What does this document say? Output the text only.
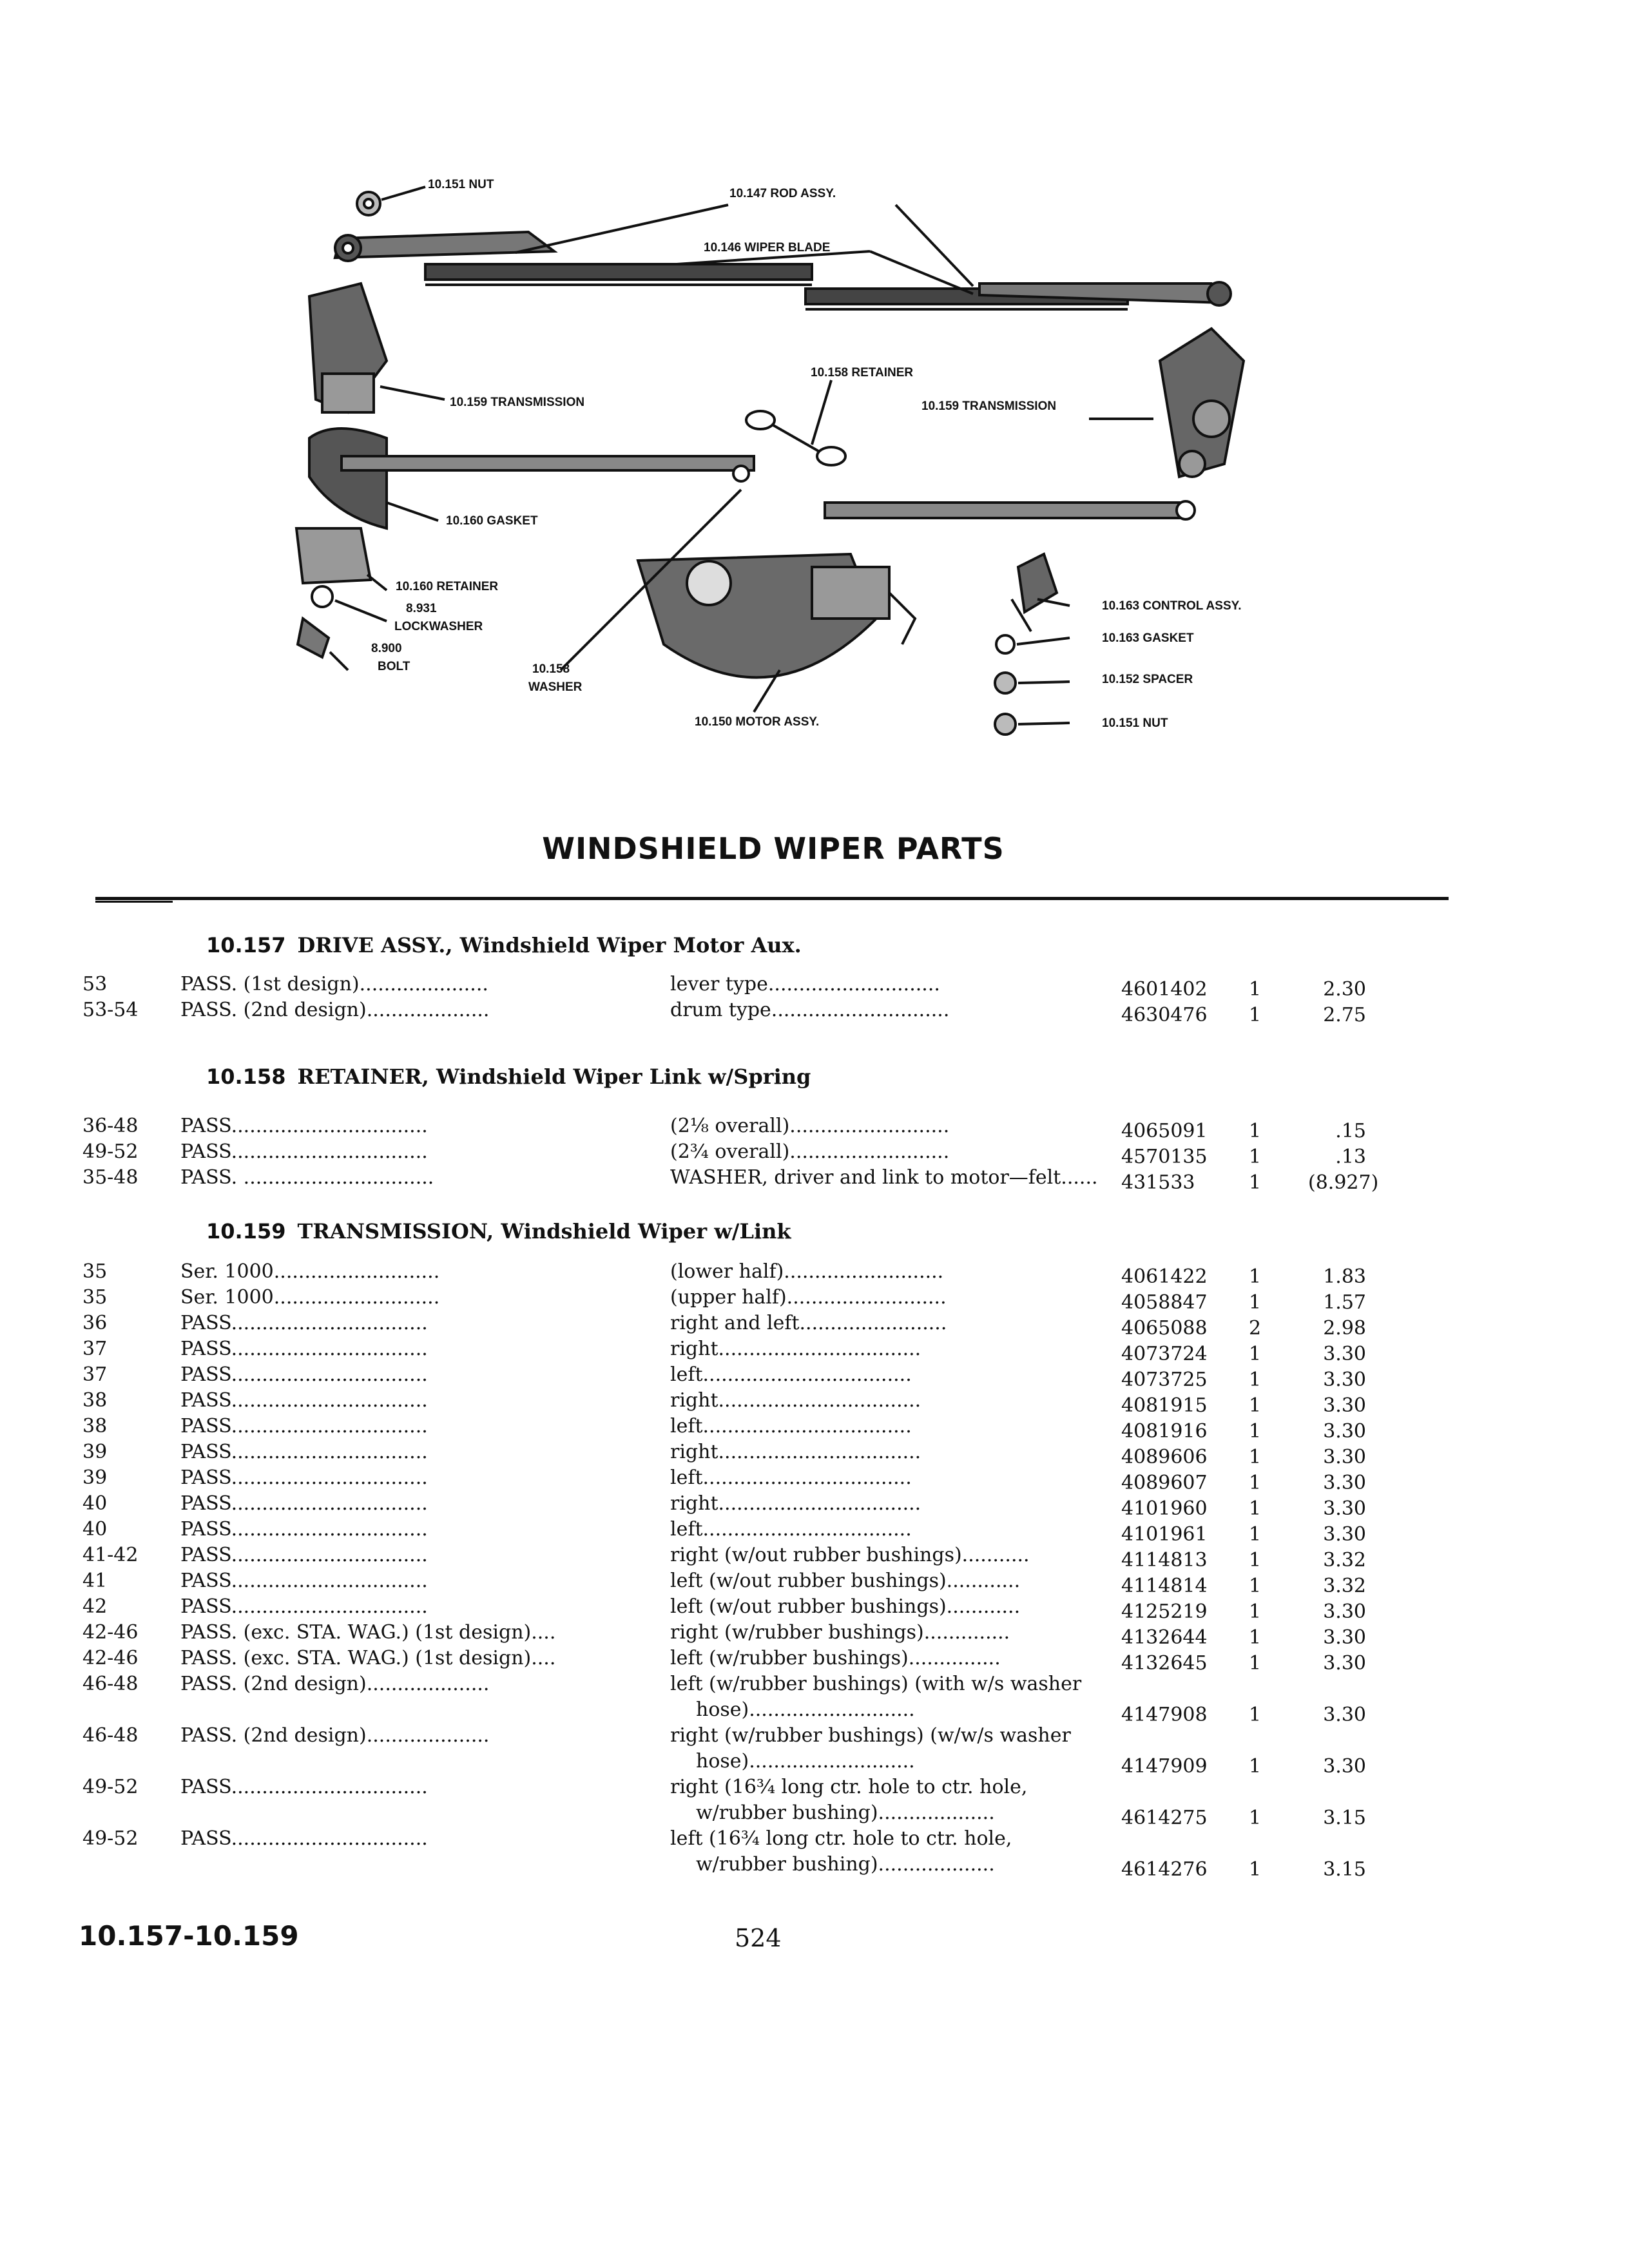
10.151 NUT
10.147 ROD ASSY.
10.146 WIPER BLADE
10.159 TRANSMISSION
10.158 RETAINER
10.159 TRANSMISSION
10.160 GASKET
10.160 RETAINER
8.931
LOCKWASHER
8.900
BOLT	10.158
WASHER
10.150 MOTOR ASSY.
10.163 CONTROL ASSY.
10.163 GASKET
10.152 SPACER
10.151 NUT
WINDSHIELD WIPER PARTS
10.157 DRIVE ASSY., Windshield Wiper Motor Aux.
10.158 RETAINER, Windshield Wiper Link w/Spring
10.159 TRANSMISSION, Windshield Wiper w/Link
53	PASS. (1st design).....................	lever type............................	4601402 1	2.30
53-54 PASS. (2nd design)....................	drum type.............................	4630476 1	2.75
36-48 PASS................................	(2⅛ overall)..........................	4065091 1	.15
49-52 PASS................................	(2¾ overall)..........................	4570135 1	.13
35-48 PASS. ...............................	WASHER, driver and link to motor—felt...... 431533	1 (8.927)
35	Ser. 1000...........................	(lower half)..........................	4061422 1	1.83
35	Ser. 1000...........................	(upper half)..........................	4058847 1	1.57
36	PASS................................	right and left........................	4065088 2	2.98
37	PASS................................	right.................................	4073724 1	3.30
37	PASS................................	left..................................	4073725 1	3.30
38	PASS................................	right.................................	4081915 1	3.30
38	PASS................................	left..................................	4081916 1	3.30
39	PASS................................	right.................................	4089606 1	3.30
39	PASS................................	left..................................	4089607 1	3.30
40	PASS................................	right.................................	4101960 1	3.30
40	PASS................................	left..................................	4101961 1	3.30
41-42 PASS................................	right (w/out rubber bushings)...........	4114813 1	3.32
41	PASS................................	left (w/out rubber bushings)............	4114814 1	3.32
42	PASS................................	left (w/out rubber bushings)............	4125219 1	3.30
42-46 PASS. (exc. STA. WAG.) (1st design)....	right (w/rubber bushings)..............	4132644 1	3.30
42-46 PASS. (exc. STA. WAG.) (1st design)....	left (w/rubber bushings)...............	4132645 1	3.30
46-48 PASS. (2nd design)....................	left (w/rubber bushings) (with w/s washer
hose)...........................	4147908 1	3.30
46-48 PASS. (2nd design)....................	right (w/rubber bushings) (w/w/s washer
hose)...........................	4147909 1	3.30
49-52 PASS................................	right (16¾ long ctr. hole to ctr. hole,
w/rubber bushing)...................	4614275 1	3.15
49-52 PASS................................	left (16¾ long ctr. hole to ctr. hole,
w/rubber bushing)...................	4614276 1	3.15
10.157-10.159	524
